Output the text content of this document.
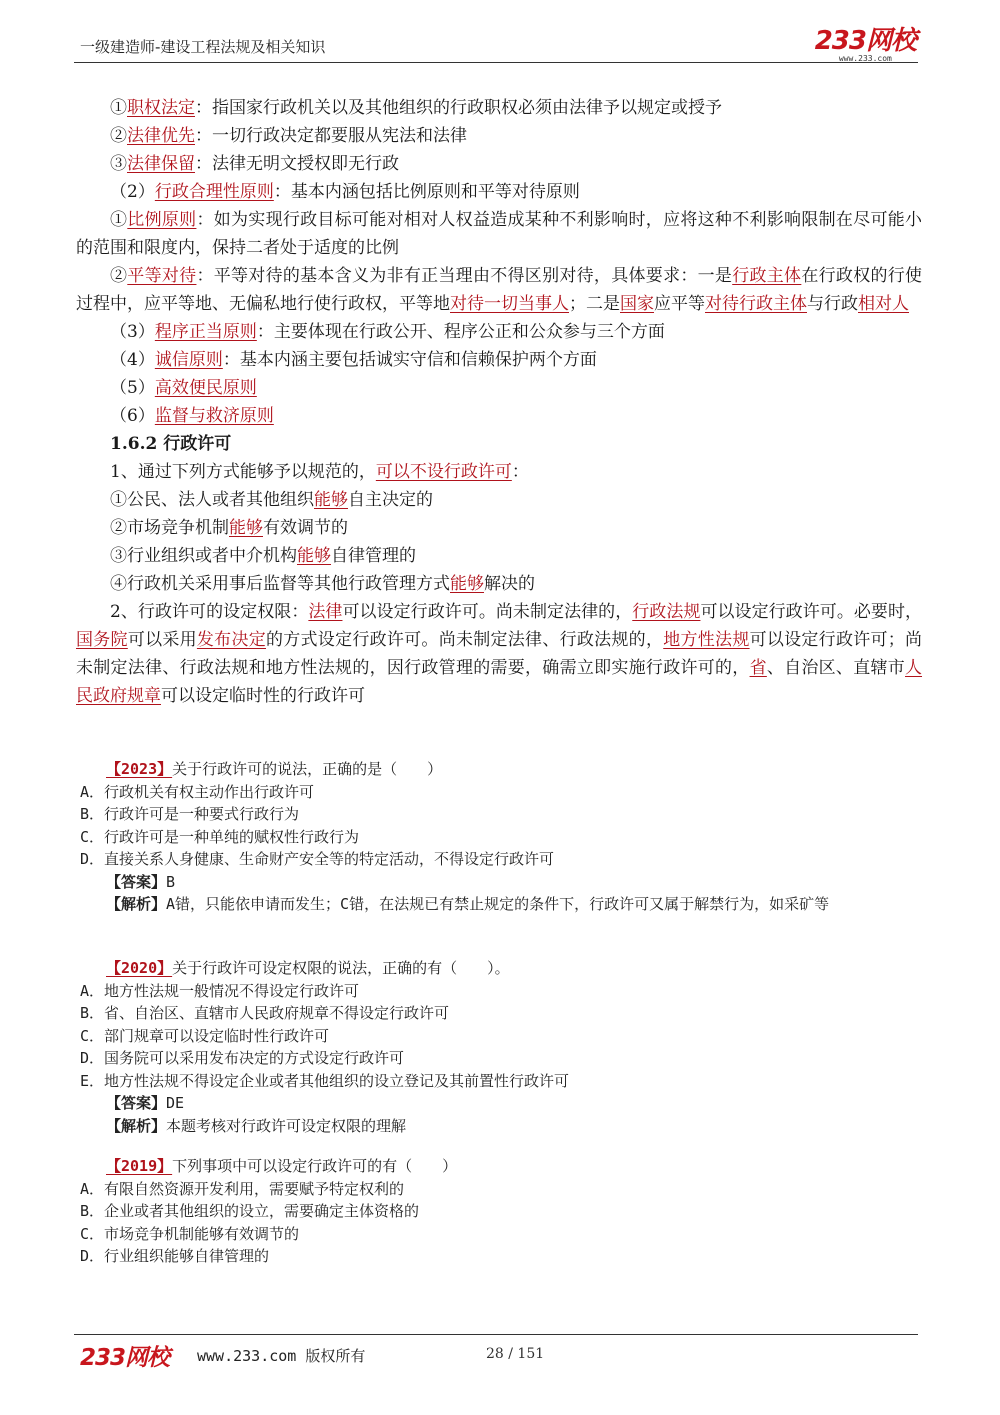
一级建造师-建设工程法规及相关知识	233网校
www.233.com
①职权法定：指国家行政机关以及其他组织的行政职权必须由法律予以规定或授予
②法律优先：一切行政决定都要服从宪法和法律
③法律保留：法律无明文授权即无行政
（2）行政合理性原则：基本内涵包括比例原则和平等对待原则
①比例原则：如为实现行政目标可能对相对人权益造成某种不利影响时，应将这种不利影响限制在尽可能小的范围和限度内，保持二者处于适度的比例
②平等对待：平等对待的基本含义为非有正当理由不得区别对待，具体要求：一是行政主体在行政权的行使过程中，应平等地、无偏私地行使行政权，平等地对待一切当事人；二是国家应平等对待行政主体与行政相对人
（3）程序正当原则：主要体现在行政公开、程序公正和公众参与三个方面
（4）诚信原则：基本内涵主要包括诚实守信和信赖保护两个方面
（5）高效便民原则
（6）监督与救济原则
1.6.2 行政许可
1、通过下列方式能够予以规范的，可以不设行政许可：
①公民、法人或者其他组织能够自主决定的
②市场竞争机制能够有效调节的
③行业组织或者中介机构能够自律管理的
④行政机关采用事后监督等其他行政管理方式能够解决的
2、行政许可的设定权限：法律可以设定行政许可。尚未制定法律的，行政法规可以设定行政许可。必要时，国务院可以采用发布决定的方式设定行政许可。尚未制定法律、行政法规的，地方性法规可以设定行政许可；尚未制定法律、行政法规和地方性法规的，因行政管理的需要，确需立即实施行政许可的，省、自治区、直辖市人民政府规章可以设定临时性的行政许可
【2023】关于行政许可的说法，正确的是（　　）
A．行政机关有权主动作出行政许可
B．行政许可是一种要式行政行为
C．行政许可是一种单纯的赋权性行政行为
D．直接关系人身健康、生命财产安全等的特定活动，不得设定行政许可
【答案】B
【解析】A错，只能依申请而发生；C错，在法规已有禁止规定的条件下，行政许可又属于解禁行为，如采矿等
【2020】关于行政许可设定权限的说法，正确的有（　　）。
A．地方性法规一般情况不得设定行政许可
B．省、自治区、直辖市人民政府规章不得设定行政许可
C．部门规章可以设定临时性行政许可
D．国务院可以采用发布决定的方式设定行政许可
E．地方性法规不得设定企业或者其他组织的设立登记及其前置性行政许可
【答案】DE
【解析】本题考核对行政许可设定权限的理解
【2019】下列事项中可以设定行政许可的有（　　）
A．有限自然资源开发利用，需要赋予特定权利的
B．企业或者其他组织的设立，需要确定主体资格的
C．市场竞争机制能够有效调节的
D．行业组织能够自律管理的
233网校 www.233.com 版权所有	28 / 151
